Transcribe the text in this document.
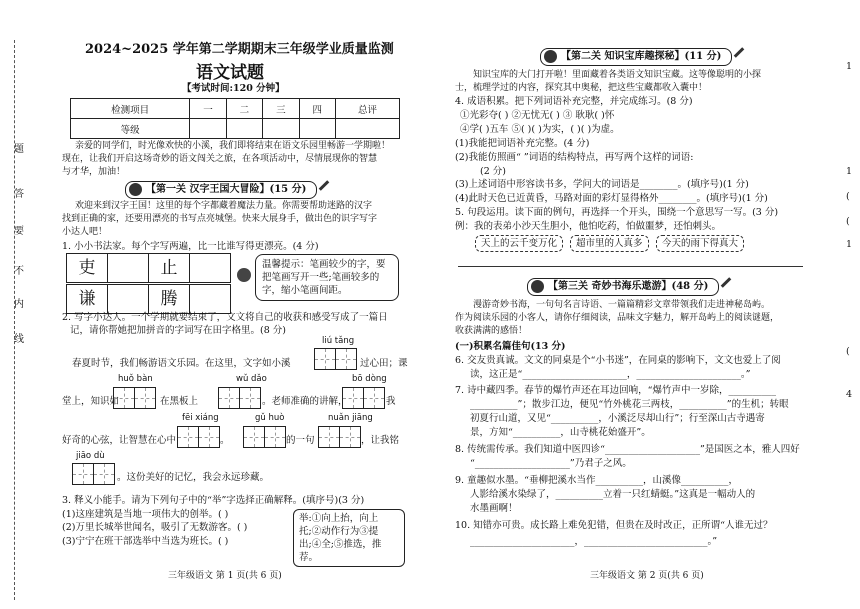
题
答
要
不
内
线
2024~2025 学年第二学期期末三年级学业质量监测
语文试题
【考试时间:120 分钟】
检测项目	一	二	三	四	总评
等级					
亲爱的同学们，时光像欢快的小溪，我们即将结束在语文乐园里畅游一学期啦！
现在，让我们开启这场奇妙的语文闯关之旅，在各项活动中，尽情展现你的智慧
与才华，加油！
【第一关 汉字王国大冒险】(15 分)
欢迎来到汉字王国！这里的每个字都藏着魔法力量。你需要帮助迷路的汉字
找到正确的家，还要用漂亮的书写点亮城堡。快来大展身手，做出色的识字写字
小达人吧！
1. 小小书法家。每个字写两遍，比一比谁写得更漂亮。(4 分)
吏	止
谦	腾
温馨提示：笔画较少的字，要把笔画写开一些;笔画较多的字，缩小笔画间距。
2. 写字小达人。一个学期就要结束了，文文将自己的收获和感受写成了一篇日
记，请你帮她把加拼音的字词写在田字格里。(8 分)
liú tǎng
春夏时节，我们畅游语文乐园。在这里，文字如小溪	过心田；课
huǒ bàn	wǔ dǎo	bō dòng
堂上，知识如	在黑板上	。老师准确的讲解，	我
fēi xiáng	gǔ huò	nuǎn jiāng
好奇的心弦，让智慧在心中	。	的一句	，让我铭
jiāo dù
。这份美好的记忆，我会永远珍藏。
3. 释义小能手。请为下列句子中的“举”字选择正确解释。(填序号)(3 分)
(1)这座建筑是当地一项伟大的创举。( )
(2)万里长城举世闻名，吸引了无数游客。( )
(3)宁宁在班干部选举中当选为班长。( )
举:①向上抬，向上托;②动作行为③提出;④全;⑤推选，推荐。
三年级语文 第 1 页(共 6 页)
【第二关 知识宝库趣探秘】(11 分)
知识宝库的大门打开啦！里面藏着各类语文知识宝藏。这等像聪明的小探
士，梳理学过的内容，探究其中奥秘，把这些宝藏都收入囊中！
4. 成语积累。把下列词语补充完整，并完成练习。(8 分)
①光彩夺( ) ②无忧无( ) ③ 耿耿( )怀
④学( )五车 ⑤( )( )为实，( )( )为虚。
(1)我能把词语补充完整。(4 分)
(2)我能仿照画“ ”词语的结构特点，再写两个这样的词语:
(2 分)
(3)上述词语中形容读书多，学问大的词语是________。(填序号)(1 分)
(4)此时天色已近黄昏，马路对面的彩灯显得格外________。(填序号)(1 分)
5. 句段运用。读下面的例句，再选择一个开头，围绕一个意思写一写。(3 分)
例：我的表弟小沙天生胆小，他怕吃药，怕做噩梦，还怕刺头。
天上的云千变万化	超市里的人真多	今天的雨下得真大
【第三关 奇妙书海乐遨游】(48 分)
漫游奇妙书海，一句句名言诗语、一篇篇精彩文章带领我们走进神秘岛屿。
作为阅读乐园的小客人，请你仔细阅读，品味文字魅力，解开岛屿上的阅读谜题，
收获满满的感悟！
(一)积累名篇佳句(13 分)
6. 交友贵真诚。文文的同桌是个“小书迷”，在同桌的影响下，文文也爱上了阅
读，这正是“______________________，______________________。”
7. 诗中藏四季。春节的爆竹声还在耳边回响，“爆竹声中一岁除，__________
__________”；散步江边，便见“竹外桃花三两枝，__________”的生机；转眼
初夏行山道，又见“__________，小溪泛尽却山行”；行至深山古寺遇寄
景，方知“__________，山寺桃花始盛开”。
8. 传统需传承。我们知道中医四诊“____________________”是国医之本，雅人四好
“____________________”乃君子之风。
9. 童趣似水墨。“垂柳把溪水当作__________，山溪像__________，
人影给溪水染绿了，__________立着一只红蜻蜓。”这真是一幅动人的
水墨画啊！
10. 知错亦可贵。成长路上难免犯错，但贵在及时改正，正所谓“人谁无过？
______________________，__________________________。”
三年级语文 第 2 页(共 6 页)
1
1
(
(
1
(
4
